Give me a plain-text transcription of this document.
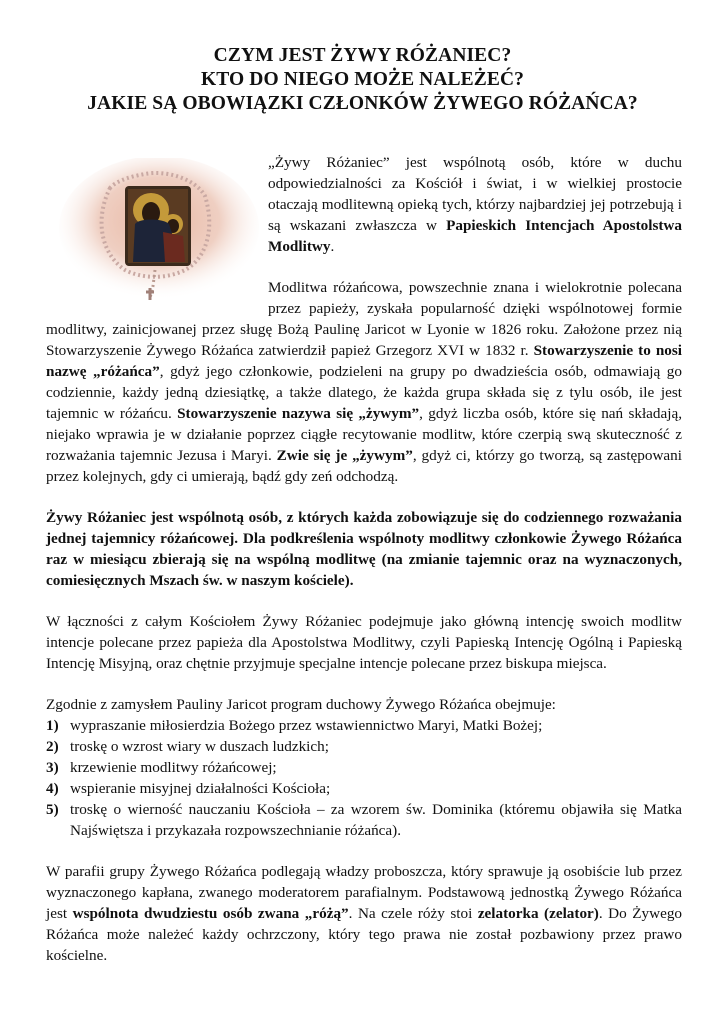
CZYM JEST ŻYWY RÓŻANIEC?
KTO DO NIEGO MOŻE NALEŻEĆ?
JAKIE SĄ OBOWIĄZKI CZŁONKÓW ŻYWEGO RÓŻAŃCA?

„Żywy Różaniec” jest wspólnotą osób, które w duchu odpowiedzialności za Kościół i świat, i w wielkiej prostocie otaczają modlitewną opieką tych, którzy najbardziej jej potrzebują i są wskazani zwłaszcza w Papieskich Intencjach Apostolstwa Modlitwy.

Modlitwa różańcowa, powszechnie znana i wielokrotnie polecana przez papieży, zyskała popularność dzięki wspólnotowej formie modlitwy, zainicjowanej przez sługę Bożą Paulinę Jaricot w Lyonie w 1826 roku. Założone przez nią Stowarzyszenie Żywego Różańca zatwierdził papież Grzegorz XVI w 1832 r. Stowarzyszenie to nosi nazwę „różańca”, gdyż jego członkowie, podzieleni na grupy po dwadzieścia osób, odmawiają go codziennie, każdy jedną dziesiątkę, a także dlatego, że każda grupa składa się z tylu osób, ile jest tajemnic w różańcu. Stowarzyszenie nazywa się „żywym”, gdyż liczba osób, które się nań składają, niejako wprawia je w działanie poprzez ciągłe recytowanie modlitw, które czerpią swą skuteczność z rozważania tajemnic Jezusa i Maryi. Zwie się je „żywym”, gdyż ci, którzy go tworzą, są zastępowani przez kolejnych, gdy ci umierają, bądź gdy zeń odchodzą.

Żywy Różaniec jest wspólnotą osób, z których każda zobowiązuje się do codziennego rozważania jednej tajemnicy różańcowej. Dla podkreślenia wspólnoty modlitwy członkowie Żywego Różańca raz w miesiącu zbierają się na wspólną modlitwę (na zmianie tajemnic oraz na wyznaczonych, comiesięcznych Mszach św. w naszym kościele).

W łączności z całym Kościołem Żywy Różaniec podejmuje jako główną intencję swoich modlitw intencje polecane przez papieża dla Apostolstwa Modlitwy, czyli Papieską Intencję Ogólną i Papieską Intencję Misyjną, oraz chętnie przyjmuje specjalne intencje polecane przez biskupa miejsca.

Zgodnie z zamysłem Pauliny Jaricot program duchowy Żywego Różańca obejmuje:

1) wypraszanie miłosierdzia Bożego przez wstawiennictwo Maryi, Matki Bożej;
2) troskę o wzrost wiary w duszach ludzkich;
3) krzewienie modlitwy różańcowej;
4) wspieranie misyjnej działalności Kościoła;
5) troskę o wierność nauczaniu Kościoła – za wzorem św. Dominika (któremu objawiła się Matka Najświętsza i przykazała rozpowszechnianie różańca).

W parafii grupy Żywego Różańca podlegają władzy proboszcza, który sprawuje ją osobiście lub przez wyznaczonego kapłana, zwanego moderatorem parafialnym. Podstawową jednostką Żywego Różańca jest wspólnota dwudziestu osób zwana „różą”. Na czele róży stoi zelatorka (zelator). Do Żywego Różańca może należeć każdy ochrzczony, który tego prawa nie został pozbawiony przez prawo kościelne.
